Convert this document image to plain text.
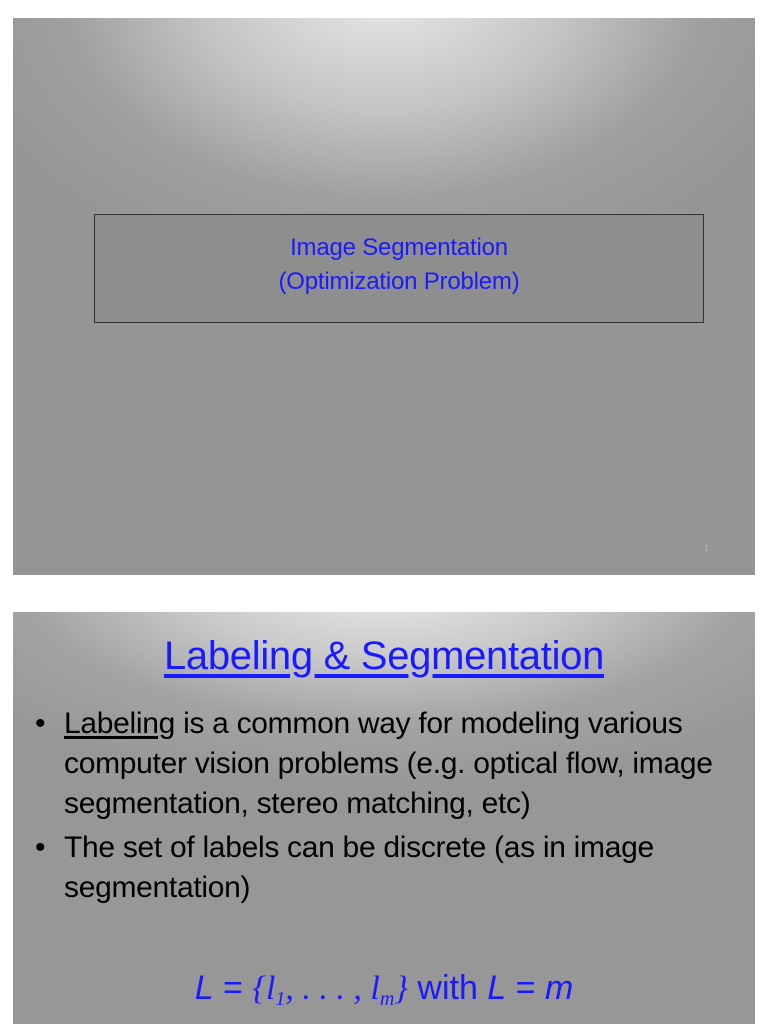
Image Segmentation
(Optimization Problem)
1
Labeling & Segmentation
• Labeling is a common way for modeling various computer vision problems (e.g. optical flow, image segmentation, stereo matching, etc)
• The set of labels can be discrete (as in image segmentation)
L = {l1, . . . , lm} with L = m
